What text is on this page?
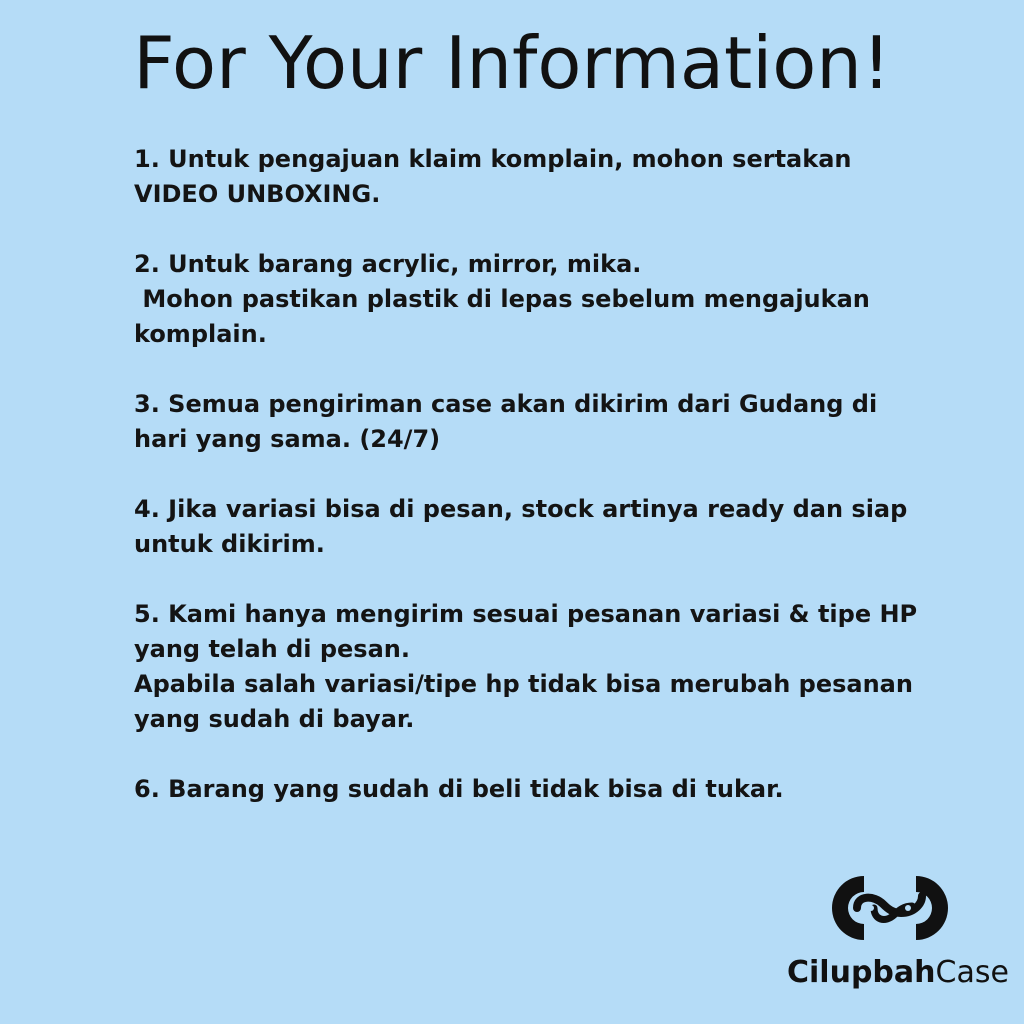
For Your Information!
1. Untuk pengajuan klaim komplain, mohon sertakan
VIDEO UNBOXING.
2. Untuk barang acrylic, mirror, mika.
Mohon pastikan plastik di lepas sebelum mengajukan
komplain.
3. Semua pengiriman case akan dikirim dari Gudang di
hari yang sama. (24/7)
4. Jika variasi bisa di pesan, stock artinya ready dan siap
untuk dikirim.
5. Kami hanya mengirim sesuai pesanan variasi & tipe HP
yang telah di pesan.
Apabila salah variasi/tipe hp tidak bisa merubah pesanan
yang sudah di bayar.
6. Barang yang sudah di beli tidak bisa di tukar.
CilupbahCase
